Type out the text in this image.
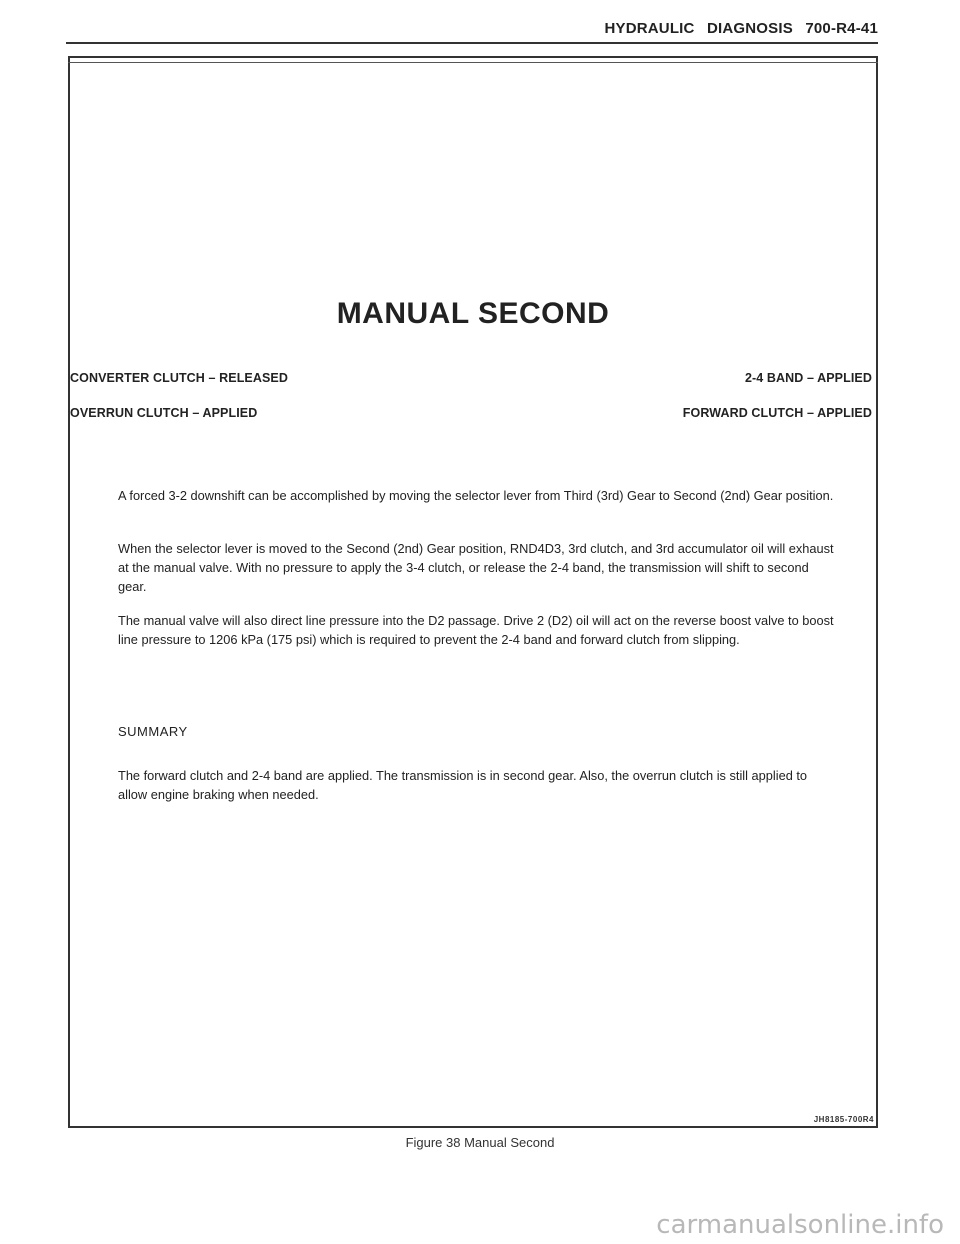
HYDRAULIC DIAGNOSIS 700-R4-41
MANUAL SECOND
CONVERTER CLUTCH – RELEASED	2-4 BAND – APPLIED
OVERRUN CLUTCH – APPLIED	FORWARD CLUTCH – APPLIED

A forced 3-2 downshift can be accomplished by moving the selector lever from Third (3rd) Gear to Second (2nd) Gear position.

When the selector lever is moved to the Second (2nd) Gear position, RND4D3, 3rd clutch, and 3rd accumulator oil will exhaust at the manual valve. With no pressure to apply the 3-4 clutch, or release the 2-4 band, the transmission will shift to second gear.

The manual valve will also direct line pressure into the D2 passage. Drive 2 (D2) oil will act on the reverse boost valve to boost line pressure to 1206 kPa (175 psi) which is required to prevent the 2-4 band and forward clutch from slipping.

SUMMARY

The forward clutch and 2-4 band are applied. The transmission is in second gear. Also, the overrun clutch is still applied to allow engine braking when needed.

JH8185-700R4
Figure 38 Manual Second
carmanualsonline.info
